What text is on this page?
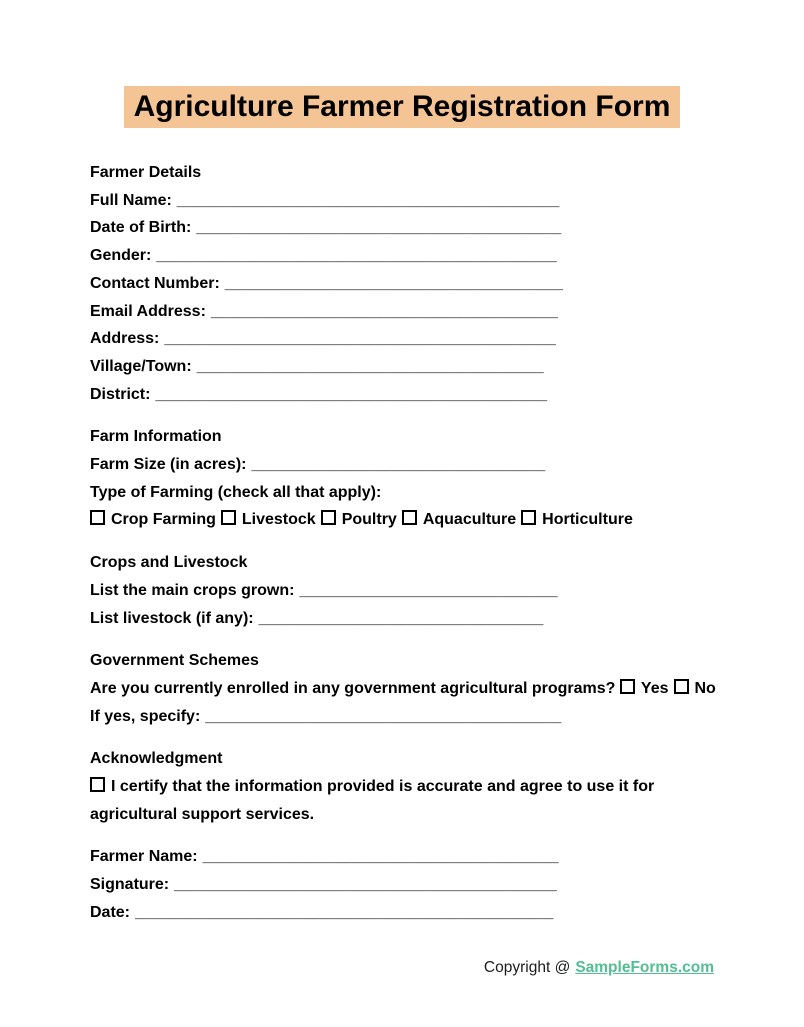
Agriculture Farmer Registration Form

Farmer Details

Full Name: ___________________________________________

Date of Birth: _________________________________________

Gender: _____________________________________________

Contact Number: ______________________________________

Email Address: _______________________________________

Address: ____________________________________________

Village/Town: _______________________________________

District: ____________________________________________

Farm Information

Farm Size (in acres): _________________________________

Type of Farming (check all that apply):

Crop Farming Livestock Poultry Aquaculture Horticulture

Crops and Livestock

List the main crops grown: _____________________________

List livestock (if any): ________________________________

Government Schemes

Are you currently enrolled in any government agricultural programs? Yes No

If yes, specify: ________________________________________

Acknowledgment

I certify that the information provided is accurate and agree to use it for agricultural support services.

Farmer Name: ________________________________________

Signature: ___________________________________________

Date: _______________________________________________

Copyright @ SampleForms.com
